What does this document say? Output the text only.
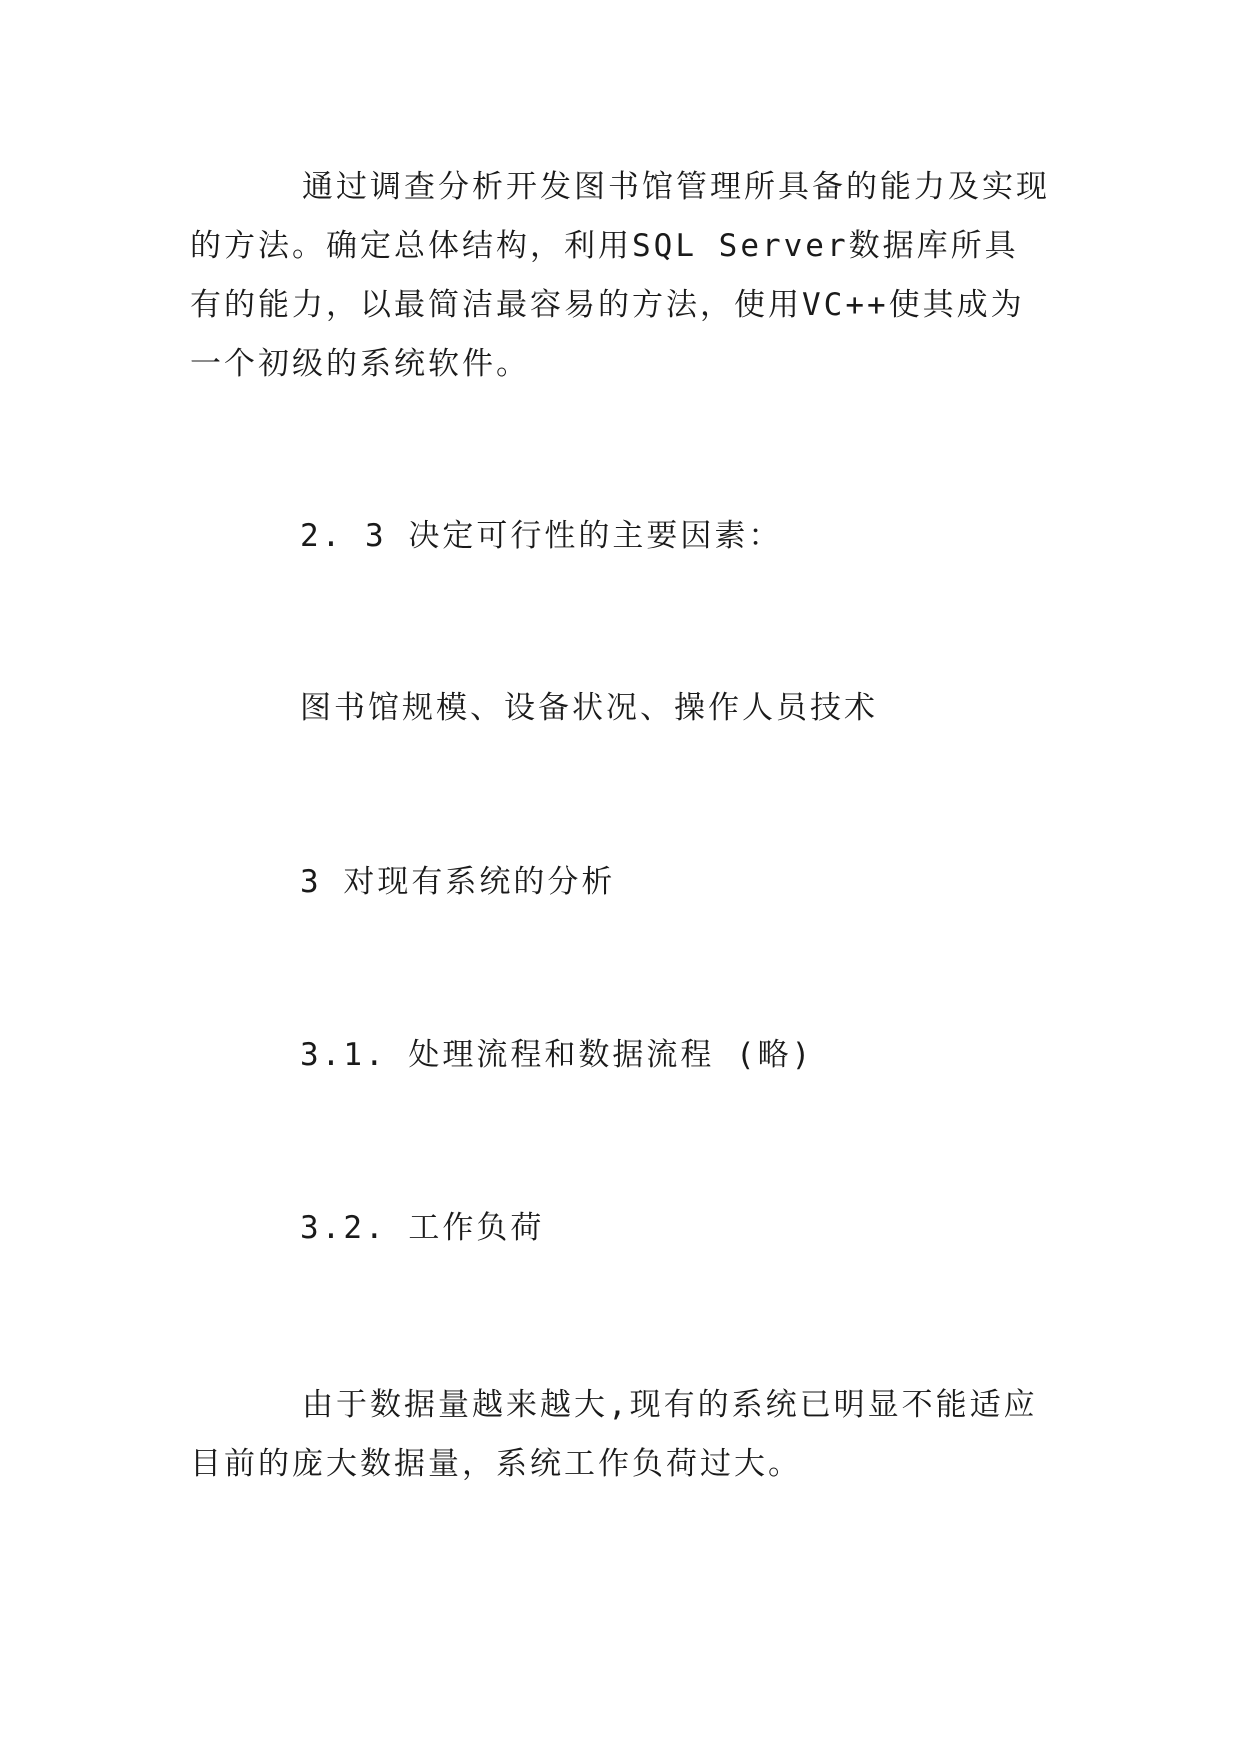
通过调查分析开发图书馆管理所具备的能力及实现的方法。确定总体结构，利用SQL Server数据库所具有的能力，以最简洁最容易的方法，使用VC++使其成为一个初级的系统软件。

2. 3 决定可行性的主要因素：

图书馆规模、设备状况、操作人员技术

3 对现有系统的分析

3.1. 处理流程和数据流程 (略)

3.2. 工作负荷

由于数据量越来越大,现有的系统已明显不能适应目前的庞大数据量，系统工作负荷过大。
